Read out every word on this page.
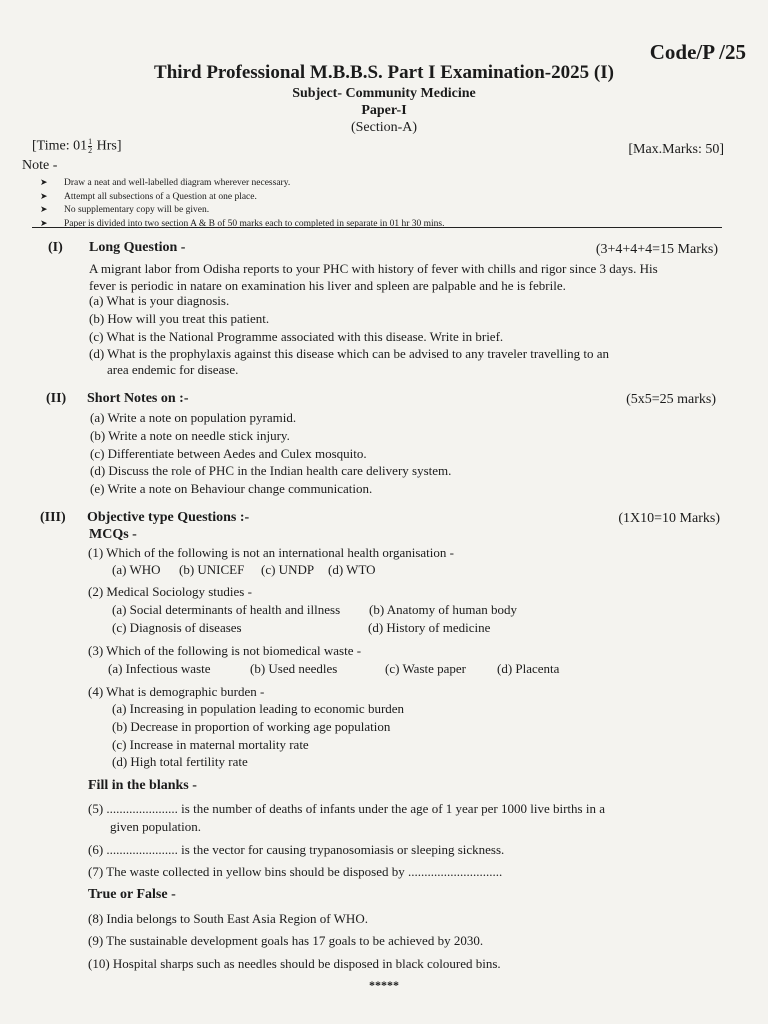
Code/P /25
Third Professional M.B.B.S. Part I Examination-2025 (I)
Subject- Community Medicine
Paper-I
(Section-A)
[Time: $01 \frac{1}{2} Hrs$]	[Max.Marks: 50]
Note -
➤ Draw a neat and well-labelled diagram wherever necessary.
➤ Attempt all subsections of a Question at one place.
➤ No supplementary copy will be given.
➤ Paper is divided into two section A & B of 50 marks each to completed in separate in 01 hr 30 mins.
(I) Long Question -	(3+4+4+4=15 Marks)
A migrant labor from Odisha reports to your PHC with history of fever with chills and rigor since 3 days. His
fever is periodic in natare on examination his liver and spleen are palpable and he is febrile.
(a) What is your diagnosis.
(b) How will you treat this patient.
(c) What is the National Programme associated with this disease. Write in brief.
(d) What is the prophylaxis against this disease which can be advised to any traveler travelling to an
area endemic for disease.
(II) Short Notes on :-	(5x5=25 marks)
(a) Write a note on population pyramid.
(b) Write a note on needle stick injury.
(c) Differentiate between Aedes and Culex mosquito.
(d) Discuss the role of PHC in the Indian health care delivery system.
(e) Write a note on Behaviour change communication.
(III) Objective type Questions :-	(1X10=10 Marks)
MCQs -
(1) Which of the following is not an international health organisation -
(a) WHO (b) UNICEF (c) UNDP (d) WTO
(2) Medical Sociology studies -
(a) Social determinants of health and illness (b) Anatomy of human body
(c) Diagnosis of diseases	(d) History of medicine
(3) Which of the following is not biomedical waste -
(a) Infectious waste	(b) Used needles	(c) Waste paper (d) Placenta
(4) What is demographic burden -
(a) Increasing in population leading to economic burden
(b) Decrease in proportion of working age population
(c) Increase in maternal mortality rate
(d) High total fertility rate
Fill in the blanks -
(5) ...................... is the number of deaths of infants under the age of 1 year per 1000 live births in a
given population.
(6) ...................... is the vector for causing trypanosomiasis or sleeping sickness.
(7) The waste collected in yellow bins should be disposed by .............................
True or False -
(8) India belongs to South East Asia Region of WHO.
(9) The sustainable development goals has 17 goals to be achieved by 2030.
(10) Hospital sharps such as needles should be disposed in black coloured bins.
*****
